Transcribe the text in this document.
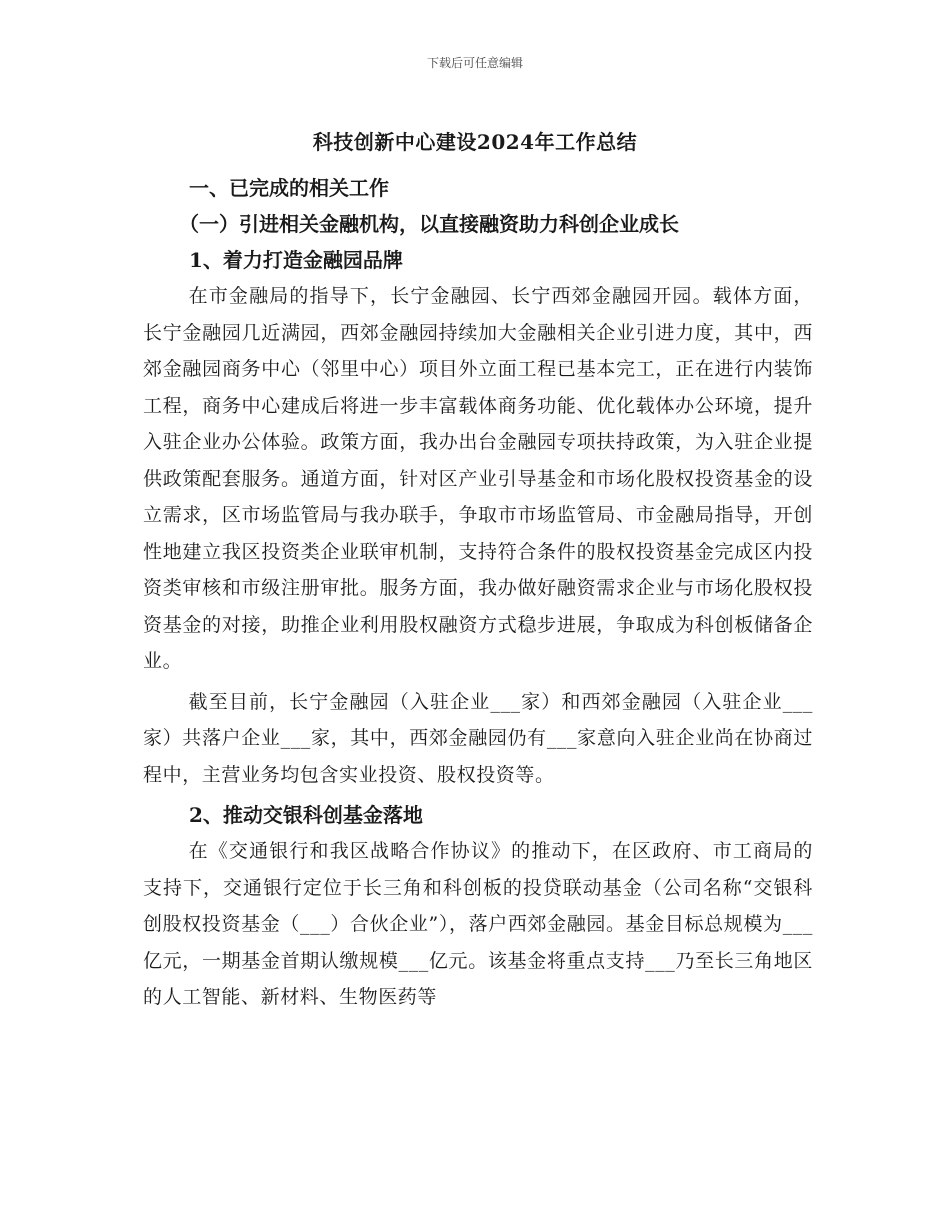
下载后可任意编辑
科技创新中心建设2024年工作总结

一、已完成的相关工作

（一）引进相关金融机构，以直接融资助力科创企业成长

1、着力打造金融园品牌

在市金融局的指导下，长宁金融园、长宁西郊金融园开园。载体方面，长宁金融园几近满园，西郊金融园持续加大金融相关企业引进力度，其中，西郊金融园商务中心（邻里中心）项目外立面工程已基本完工，正在进行内装饰工程，商务中心建成后将进一步丰富载体商务功能、优化载体办公环境，提升入驻企业办公体验。政策方面，我办出台金融园专项扶持政策，为入驻企业提供政策配套服务。通道方面，针对区产业引导基金和市场化股权投资基金的设立需求，区市场监管局与我办联手，争取市市场监管局、市金融局指导，开创性地建立我区投资类企业联审机制，支持符合条件的股权投资基金完成区内投资类审核和市级注册审批。服务方面，我办做好融资需求企业与市场化股权投资基金的对接，助推企业利用股权融资方式稳步进展，争取成为科创板储备企业。

截至目前，长宁金融园（入驻企业___家）和西郊金融园（入驻企业___家）共落户企业___家，其中，西郊金融园仍有___家意向入驻企业尚在协商过程中，主营业务均包含实业投资、股权投资等。

2、推动交银科创基金落地

在《交通银行和我区战略合作协议》的推动下，在区政府、市工商局的支持下，交通银行定位于长三角和科创板的投贷联动基金（公司名称“交银科创股权投资基金（___）合伙企业”），落户西郊金融园。基金目标总规模为___亿元，一期基金首期认缴规模___亿元。该基金将重点支持___乃至长三角地区的人工智能、新材料、生物医药等
